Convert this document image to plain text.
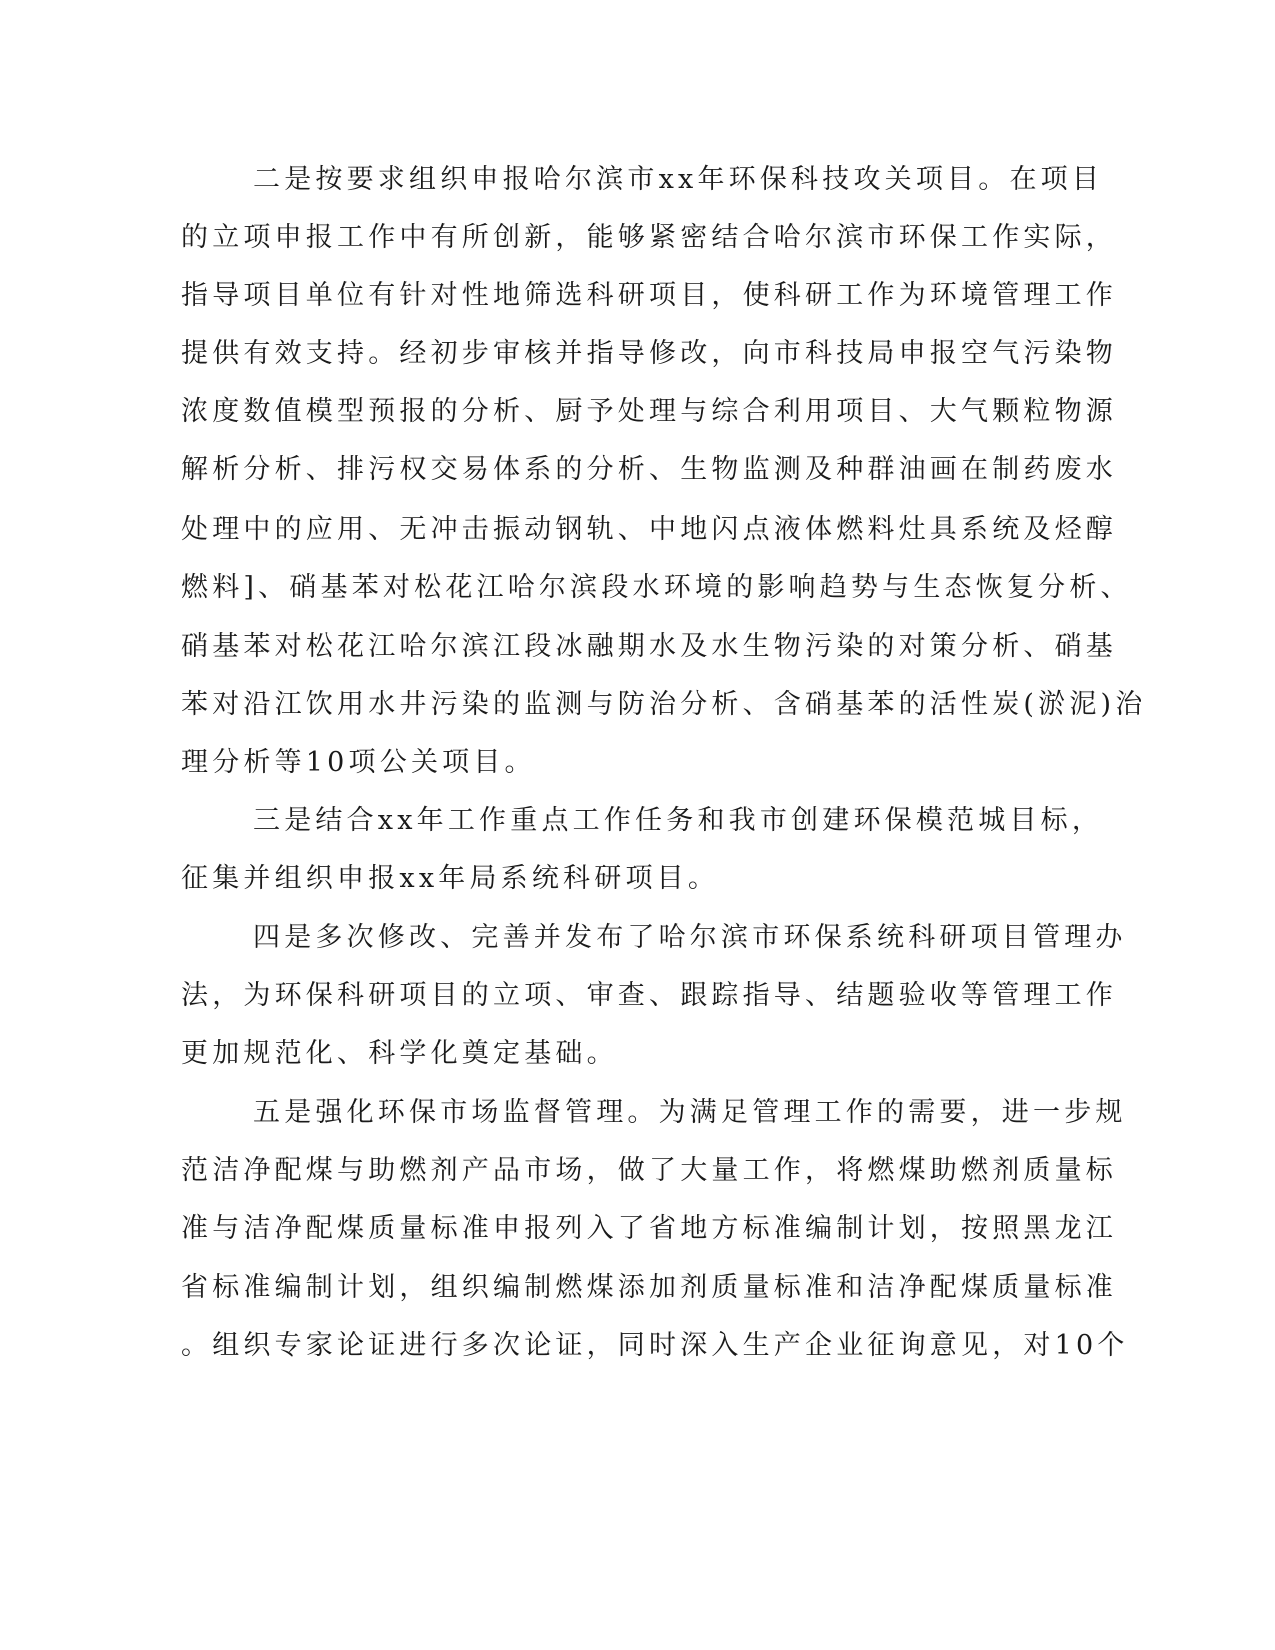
二是按要求组织申报哈尔滨市xx年环保科技攻关项目。在项目
的立项申报工作中有所创新，能够紧密结合哈尔滨市环保工作实际，
指导项目单位有针对性地筛选科研项目，使科研工作为环境管理工作
提供有效支持。经初步审核并指导修改，向市科技局申报空气污染物
浓度数值模型预报的分析、厨予处理与综合利用项目、大气颗粒物源
解析分析、排污权交易体系的分析、生物监测及种群油画在制药废水
处理中的应用、无冲击振动钢轨、中地闪点液体燃料灶具系统及烃醇
燃料]、硝基苯对松花江哈尔滨段水环境的影响趋势与生态恢复分析、
硝基苯对松花江哈尔滨江段冰融期水及水生物污染的对策分析、硝基
苯对沿江饮用水井污染的监测与防治分析、含硝基苯的活性炭(淤泥)治
理分析等10项公关项目。
三是结合xx年工作重点工作任务和我市创建环保模范城目标，
征集并组织申报xx年局系统科研项目。
四是多次修改、完善并发布了哈尔滨市环保系统科研项目管理办
法，为环保科研项目的立项、审查、跟踪指导、结题验收等管理工作
更加规范化、科学化奠定基础。
五是强化环保市场监督管理。为满足管理工作的需要，进一步规
范洁净配煤与助燃剂产品市场，做了大量工作，将燃煤助燃剂质量标
准与洁净配煤质量标准申报列入了省地方标准编制计划，按照黑龙江
省标准编制计划，组织编制燃煤添加剂质量标准和洁净配煤质量标准
。组织专家论证进行多次论证，同时深入生产企业征询意见，对10个
